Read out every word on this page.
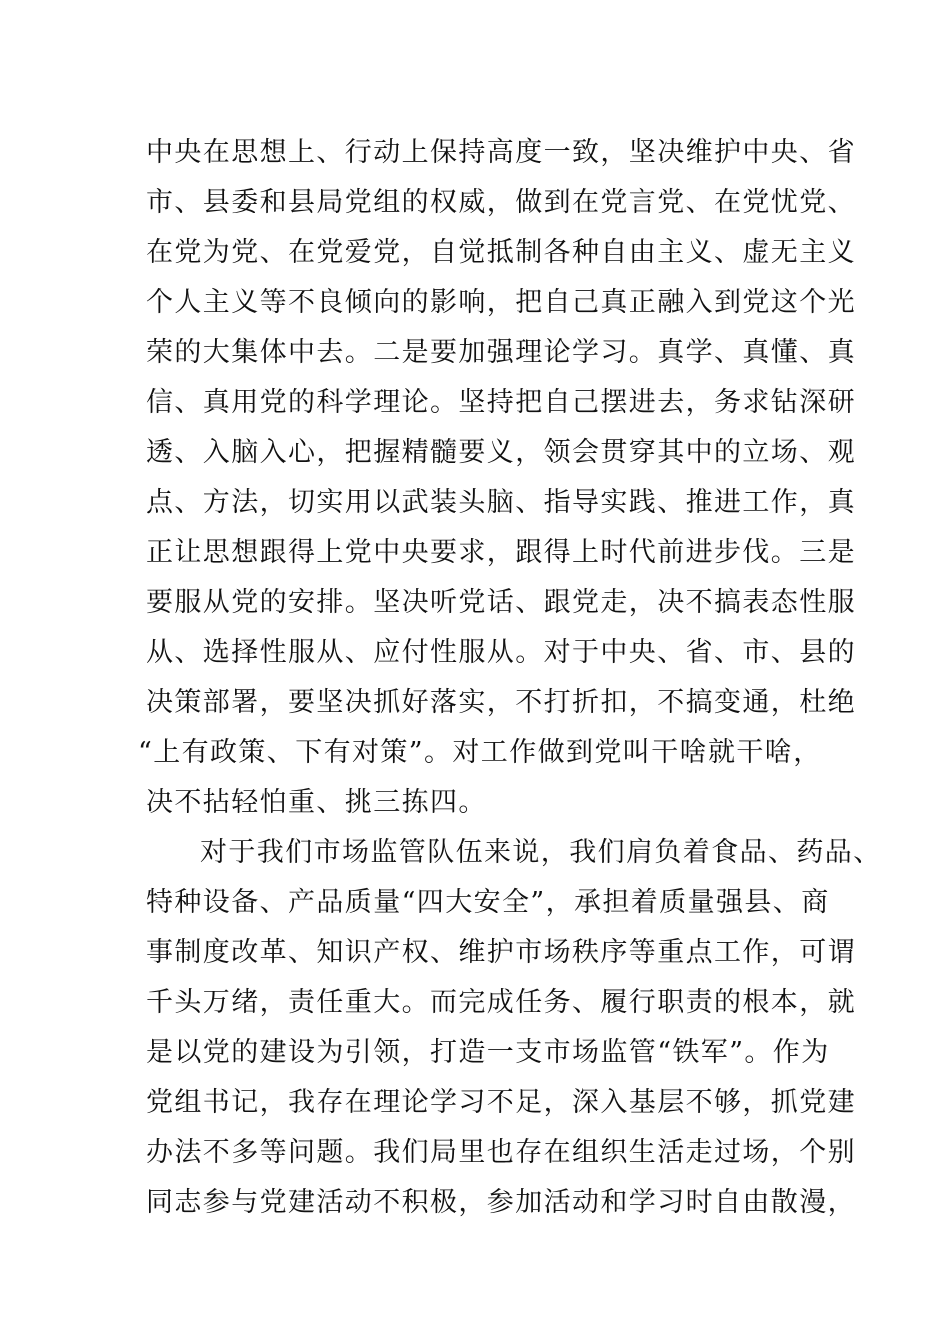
中央在思想上、行动上保持高度一致，坚决维护中央、省
市、县委和县局党组的权威，做到在党言党、在党忧党、
在党为党、在党爱党，自觉抵制各种自由主义、虚无主义
个人主义等不良倾向的影响，把自己真正融入到党这个光
荣的大集体中去。二是要加强理论学习。真学、真懂、真
信、真用党的科学理论。坚持把自己摆进去，务求钻深研
透、入脑入心，把握精髓要义，领会贯穿其中的立场、观
点、方法，切实用以武装头脑、指导实践、推进工作，真
正让思想跟得上党中央要求，跟得上时代前进步伐。三是
要服从党的安排。坚决听党话、跟党走，决不搞表态性服
从、选择性服从、应付性服从。对于中央、省、市、县的
决策部署，要坚决抓好落实，不打折扣，不搞变通，杜绝
“上有政策、下有对策”。对工作做到党叫干啥就干啥，
决不拈轻怕重、挑三拣四。
对于我们市场监管队伍来说，我们肩负着食品、药品、
特种设备、产品质量“四大安全”，承担着质量强县、商
事制度改革、知识产权、维护市场秩序等重点工作，可谓
千头万绪，责任重大。而完成任务、履行职责的根本，就
是以党的建设为引领，打造一支市场监管“铁军”。作为
党组书记，我存在理论学习不足，深入基层不够，抓党建
办法不多等问题。我们局里也存在组织生活走过场，个别
同志参与党建活动不积极，参加活动和学习时自由散漫，
